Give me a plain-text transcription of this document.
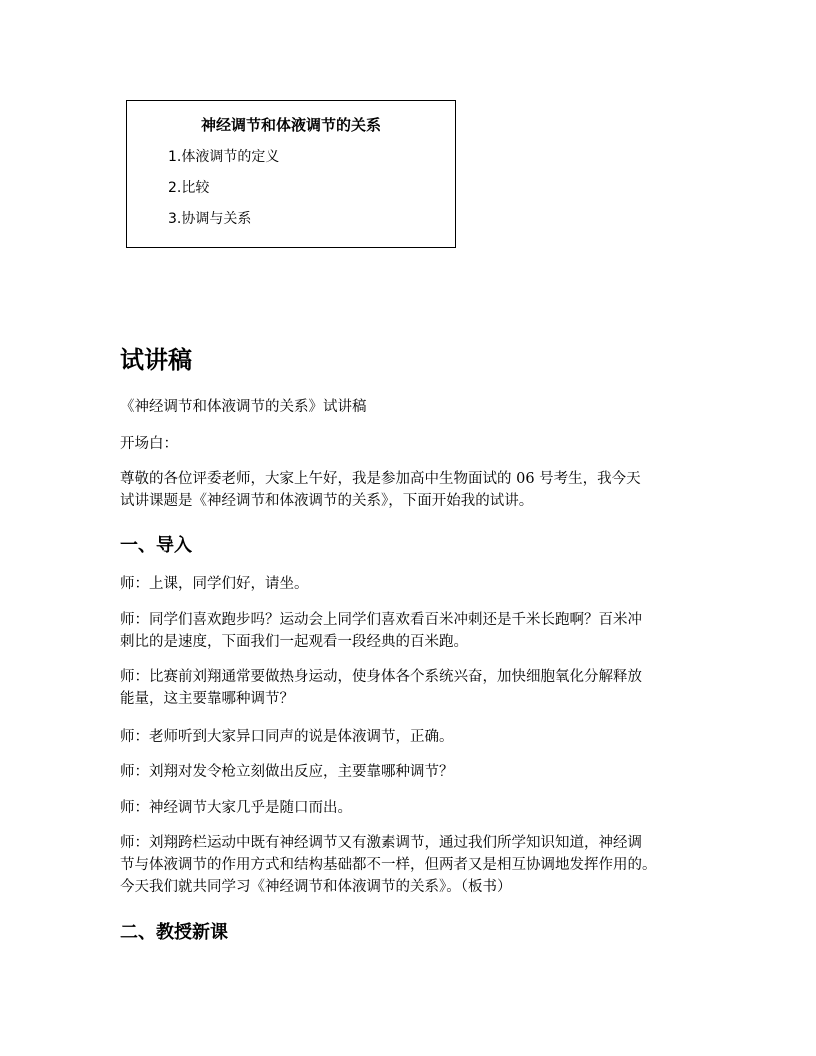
神经调节和体液调节的关系

1.体液调节的定义

2.比较

3.协调与关系

试讲稿

《神经调节和体液调节的关系》试讲稿

开场白：

尊敬的各位评委老师，大家上午好，我是参加高中生物面试的 06 号考生，我今天
试讲课题是《神经调节和体液调节的关系》，下面开始我的试讲。

一、导入

师：上课，同学们好，请坐。

师：同学们喜欢跑步吗？运动会上同学们喜欢看百米冲刺还是千米长跑啊？百米冲
刺比的是速度，下面我们一起观看一段经典的百米跑。

师：比赛前刘翔通常要做热身运动，使身体各个系统兴奋，加快细胞氧化分解释放
能量，这主要靠哪种调节？

师：老师听到大家异口同声的说是体液调节，正确。

师：刘翔对发令枪立刻做出反应，主要靠哪种调节？

师：神经调节大家几乎是随口而出。

师：刘翔跨栏运动中既有神经调节又有激素调节，通过我们所学知识知道，神经调
节与体液调节的作用方式和结构基础都不一样，但两者又是相互协调地发挥作用的。
今天我们就共同学习《神经调节和体液调节的关系》。（板书）

二、教授新课
